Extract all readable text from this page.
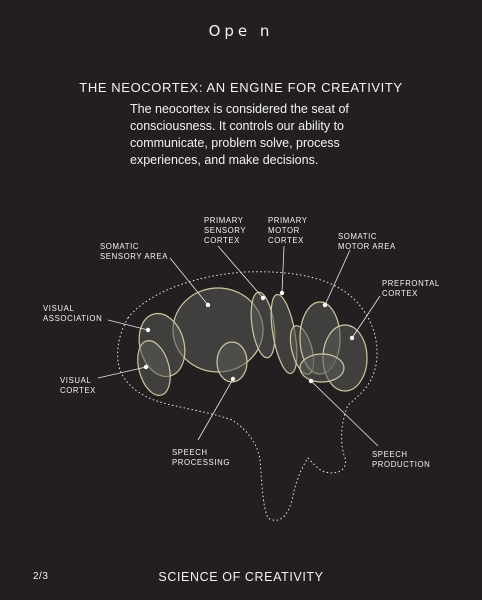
Ope n
THE NEOCORTEX: AN ENGINE FOR CREATIVITY
The neocortex is considered the seat of consciousness. It controls our ability to communicate, problem solve, process experiences, and make decisions.
PRIMARY
SENSORY
CORTEX
PRIMARY
MOTOR
CORTEX
SOMATIC
SENSORY AREA
SOMATIC
MOTOR AREA
PREFRONTAL
CORTEX
VISUAL
ASSOCIATION
VISUAL
CORTEX
SPEECH
PROCESSING
SPEECH
PRODUCTION
2/3	SCIENCE OF CREATIVITY
